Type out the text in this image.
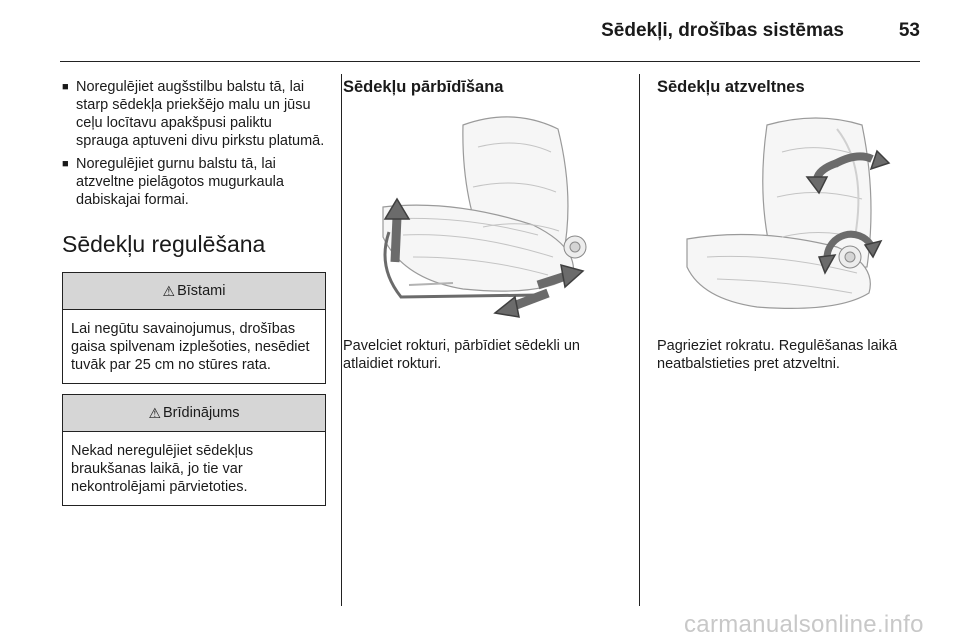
Sēdekļi, drošības sistēmas	53
■ Noregulējiet augšstilbu balstu tā, lai starp sēdekļa priekšējo malu un jūsu ceļu locītavu apakšpusi paliktu sprauga aptuveni divu pirkstu platumā.
■ Noregulējiet gurnu balstu tā, lai atzveltne pielāgotos mugurkaula dabiskajai formai.
Sēdekļu regulēšana
⚠ Bīstami
Lai negūtu savainojumus, drošības gaisa spilvenam izplešoties, nesēdiet tuvāk par 25 cm no stūres rata.
⚠ Brīdinājums
Nekad neregulējiet sēdekļus braukšanas laikā, jo tie var nekontrolējami pārvietoties.
Sēdekļu pārbīdīšana
Pavelciet rokturi, pārbīdiet sēdekli un atlaidiet rokturi.
Sēdekļu atzveltnes
Pagrieziet rokratu. Regulēšanas laikā neatbalstieties pret atzveltni.
carmanualsonline.info
